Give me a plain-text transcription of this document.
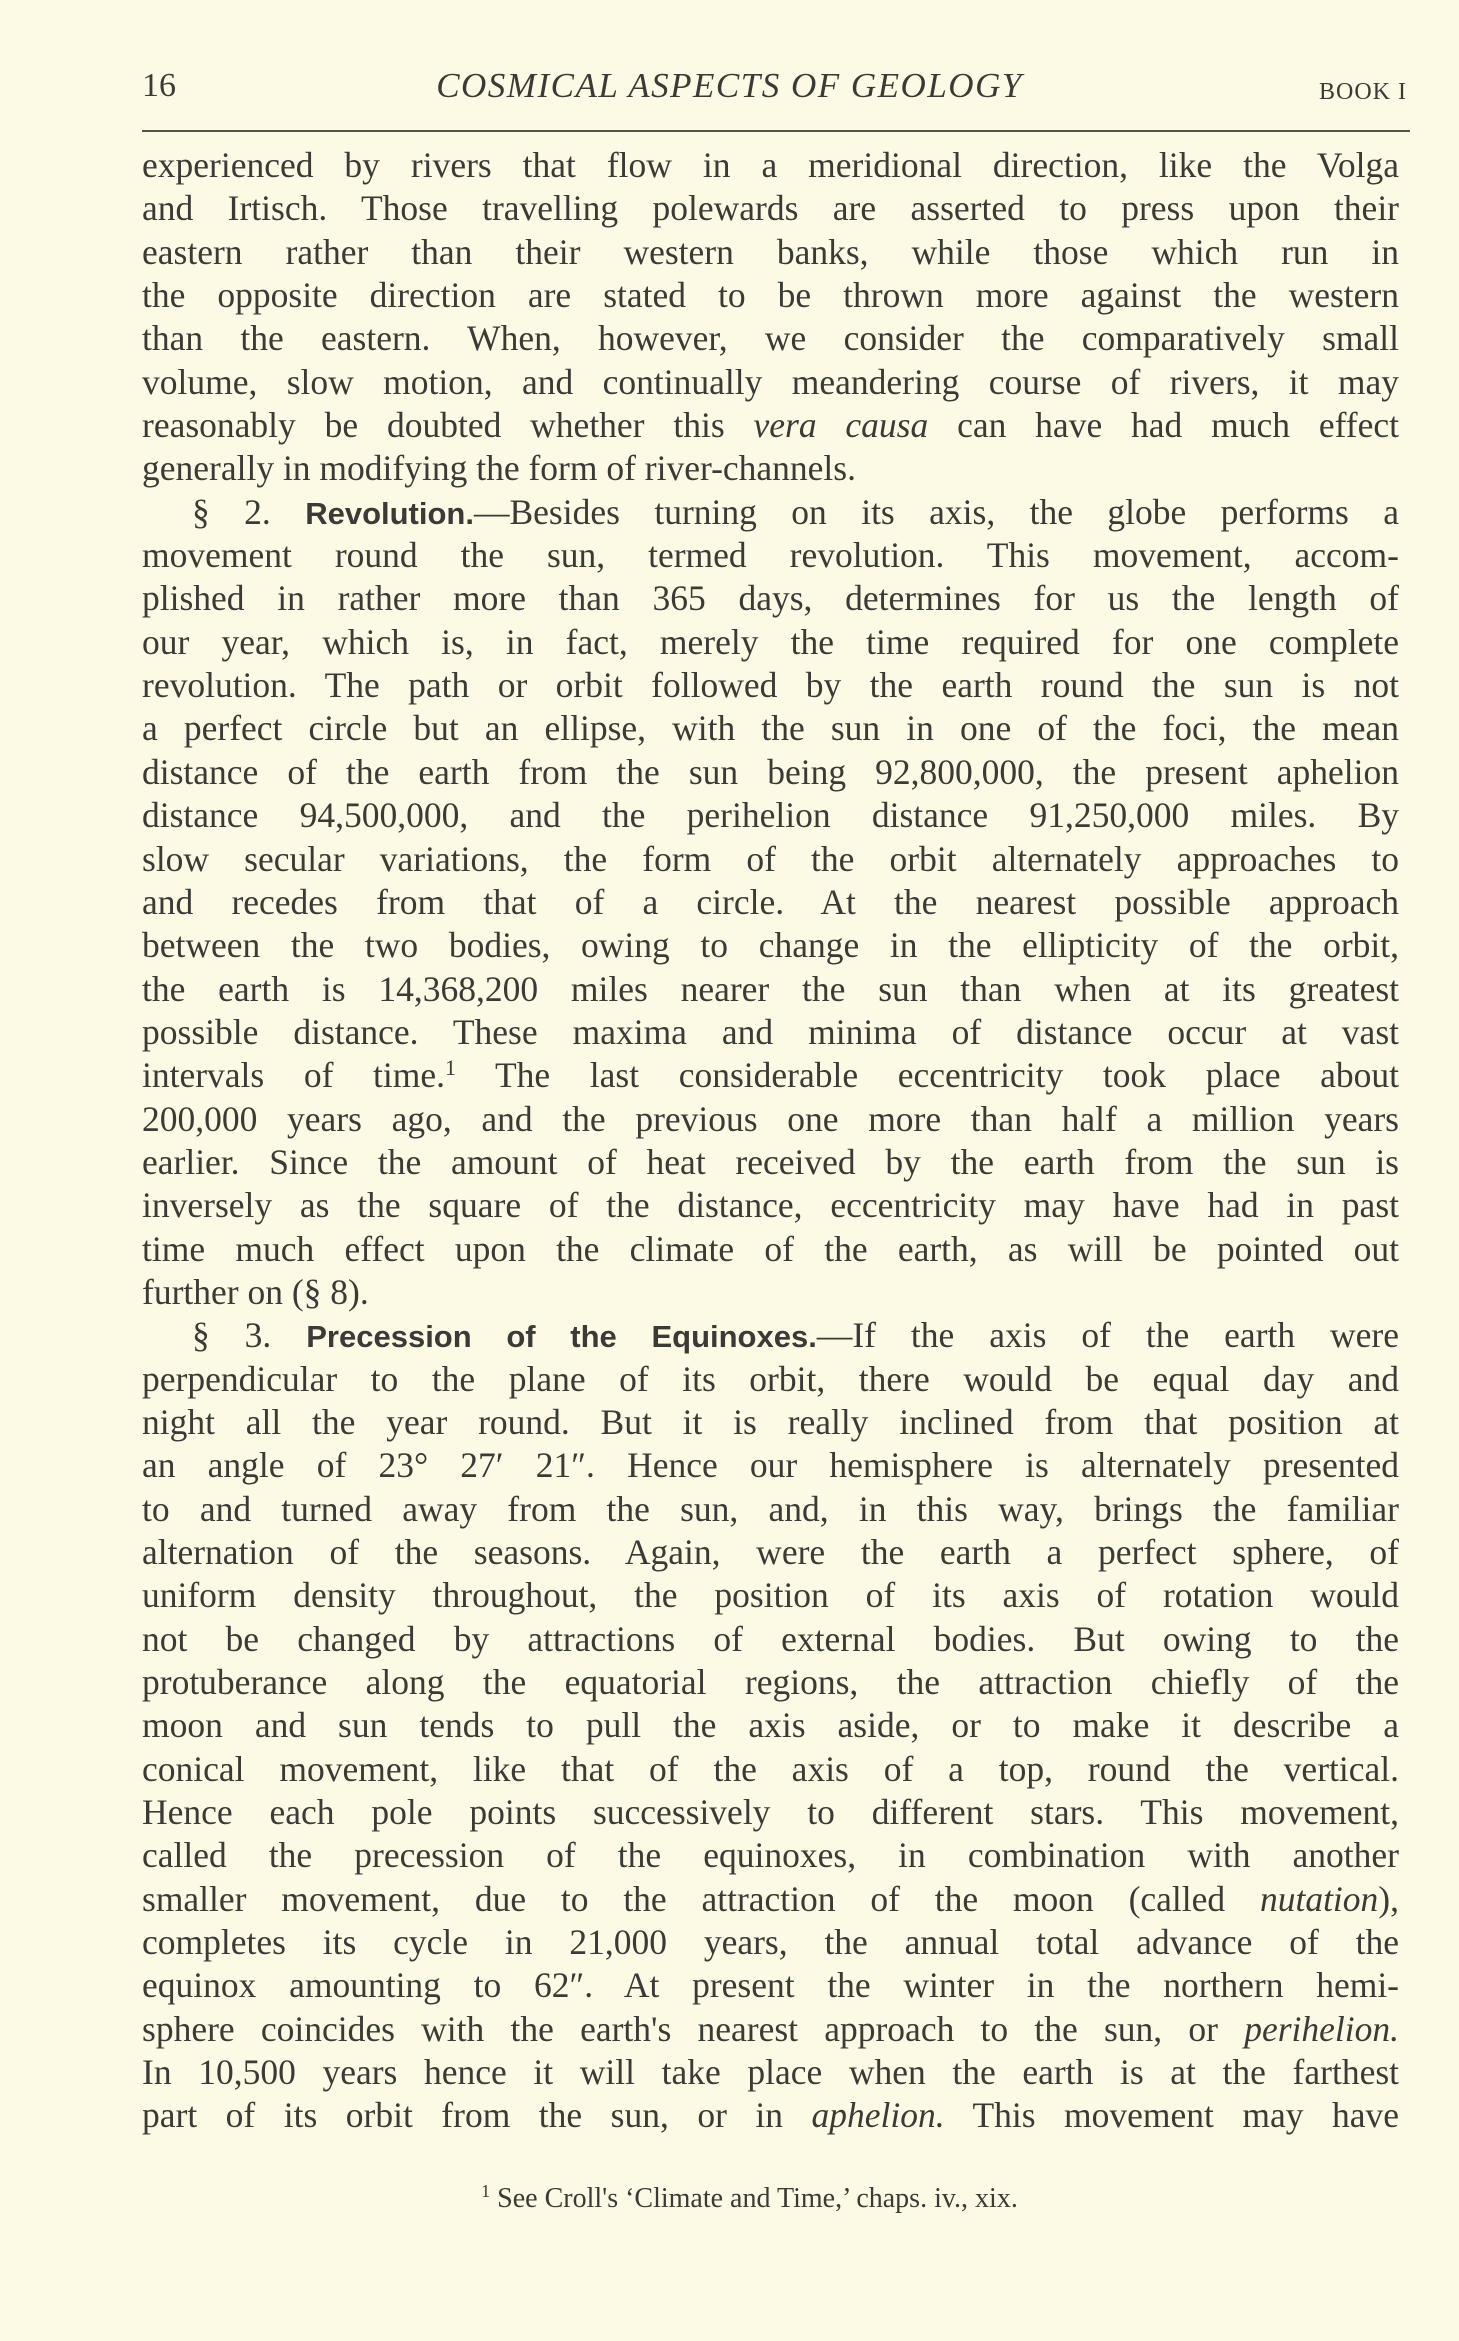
16	COSMICAL ASPECTS OF GEOLOGY	BOOK I
experienced by rivers that flow in a meridional direction, like the Volga
and Irtisch. Those travelling polewards are asserted to press upon their
eastern rather than their western banks, while those which run in
the opposite direction are stated to be thrown more against the western
than the eastern. When, however, we consider the comparatively small
volume, slow motion, and continually meandering course of rivers, it may
reasonably be doubted whether this vera causa can have had much effect
generally in modifying the form of river-channels.
§ 2. Revolution.—Besides turning on its axis, the globe performs a
movement round the sun, termed revolution. This movement, accom-
plished in rather more than 365 days, determines for us the length of
our year, which is, in fact, merely the time required for one complete
revolution. The path or orbit followed by the earth round the sun is not
a perfect circle but an ellipse, with the sun in one of the foci, the mean
distance of the earth from the sun being 92,800,000, the present aphelion
distance 94,500,000, and the perihelion distance 91,250,000 miles. By
slow secular variations, the form of the orbit alternately approaches to
and recedes from that of a circle. At the nearest possible approach
between the two bodies, owing to change in the ellipticity of the orbit,
the earth is 14,368,200 miles nearer the sun than when at its greatest
possible distance. These maxima and minima of distance occur at vast
intervals of time.$^1$ The last considerable eccentricity took place about
200,000 years ago, and the previous one more than half a million years
earlier. Since the amount of heat received by the earth from the sun is
inversely as the square of the distance, eccentricity may have had in past
time much effect upon the climate of the earth, as will be pointed out
further on (§ 8).
§ 3. Precession of the Equinoxes.—If the axis of the earth were
perpendicular to the plane of its orbit, there would be equal day and
night all the year round. But it is really inclined from that position at
an angle of 23° 27′ 21″. Hence our hemisphere is alternately presented
to and turned away from the sun, and, in this way, brings the familiar
alternation of the seasons. Again, were the earth a perfect sphere, of
uniform density throughout, the position of its axis of rotation would
not be changed by attractions of external bodies. But owing to the
protuberance along the equatorial regions, the attraction chiefly of the
moon and sun tends to pull the axis aside, or to make it describe a
conical movement, like that of the axis of a top, round the vertical.
Hence each pole points successively to different stars. This movement,
called the precession of the equinoxes, in combination with another
smaller movement, due to the attraction of the moon (called nutation),
completes its cycle in 21,000 years, the annual total advance of the
equinox amounting to 62″. At present the winter in the northern hemi-
sphere coincides with the earth's nearest approach to the sun, or perihelion.
In 10,500 years hence it will take place when the earth is at the farthest
part of its orbit from the sun, or in aphelion. This movement may have
$^1$ See Croll's ‘Climate and Time,’ chaps. iv., xix.
